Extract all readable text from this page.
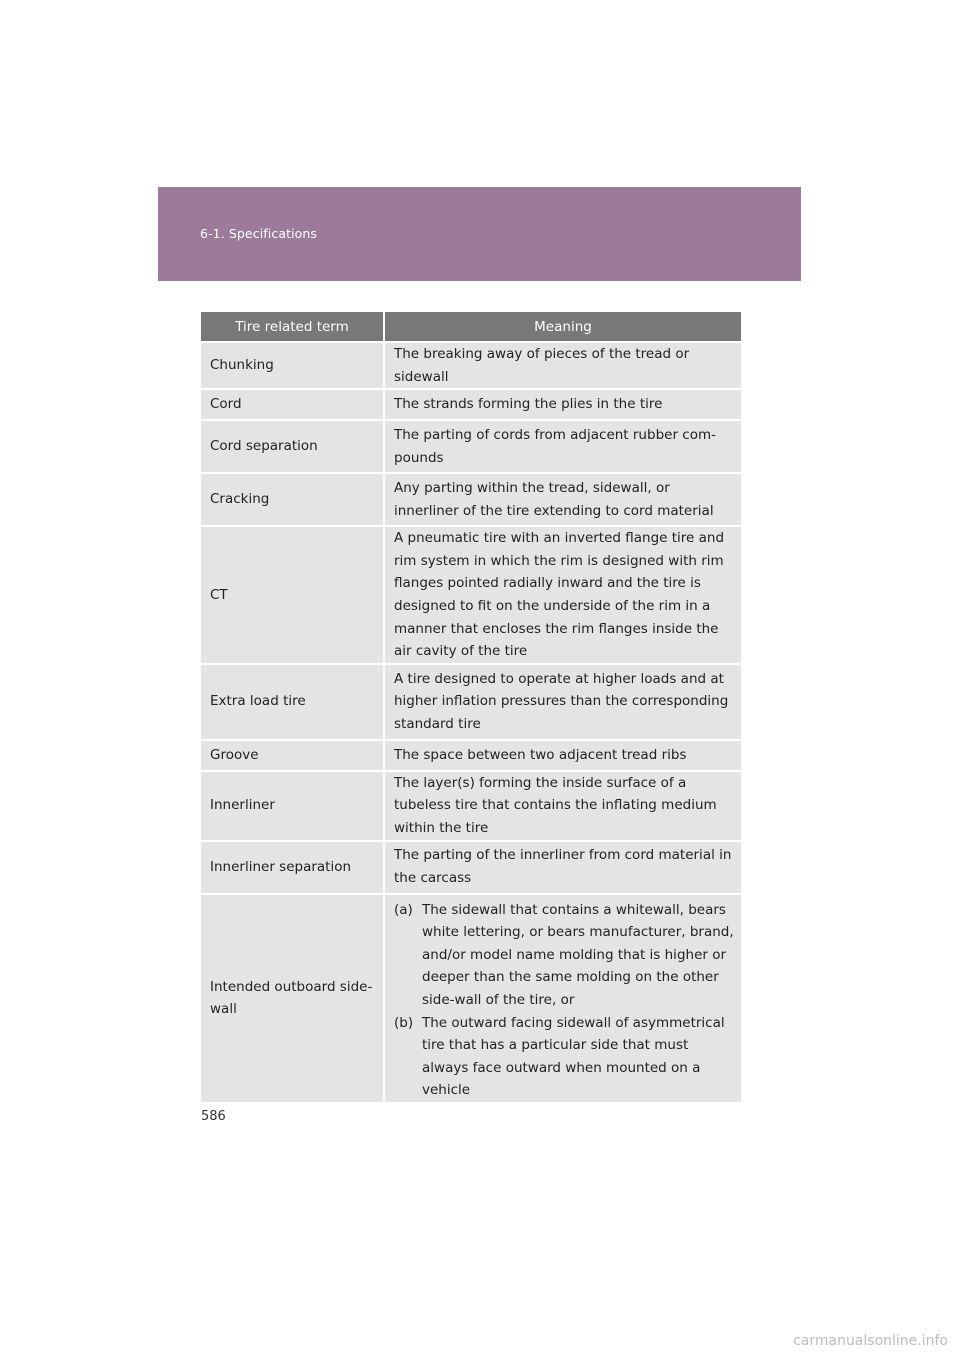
6-1. Specifications
Tire related term	Meaning
Chunking	The breaking away of pieces of the tread or sidewall
Cord	The strands forming the plies in the tire
Cord separation	The parting of cords from adjacent rubber com-pounds
Cracking	Any parting within the tread, sidewall, or innerliner of the tire extending to cord material
CT	A pneumatic tire with an inverted flange tire and rim system in which the rim is designed with rim flanges pointed radially inward and the tire is designed to fit on the underside of the rim in a manner that encloses the rim flanges inside the air cavity of the tire
Extra load tire	A tire designed to operate at higher loads and at higher inflation pressures than the corresponding standard tire
Groove	The space between two adjacent tread ribs
Innerliner	The layer(s) forming the inside surface of a tubeless tire that contains the inflating medium within the tire
Innerliner separation	The parting of the innerliner from cord material in the carcass
Intended outboard side-wall	(a) The sidewall that contains a whitewall, bears white lettering, or bears manufacturer, brand, and/or model name molding that is higher or deeper than the same molding on the other side-wall of the tire, or
(b) The outward facing sidewall of asymmetrical tire that has a particular side that must always face outward when mounted on a vehicle
586
carmanualsonline.info
